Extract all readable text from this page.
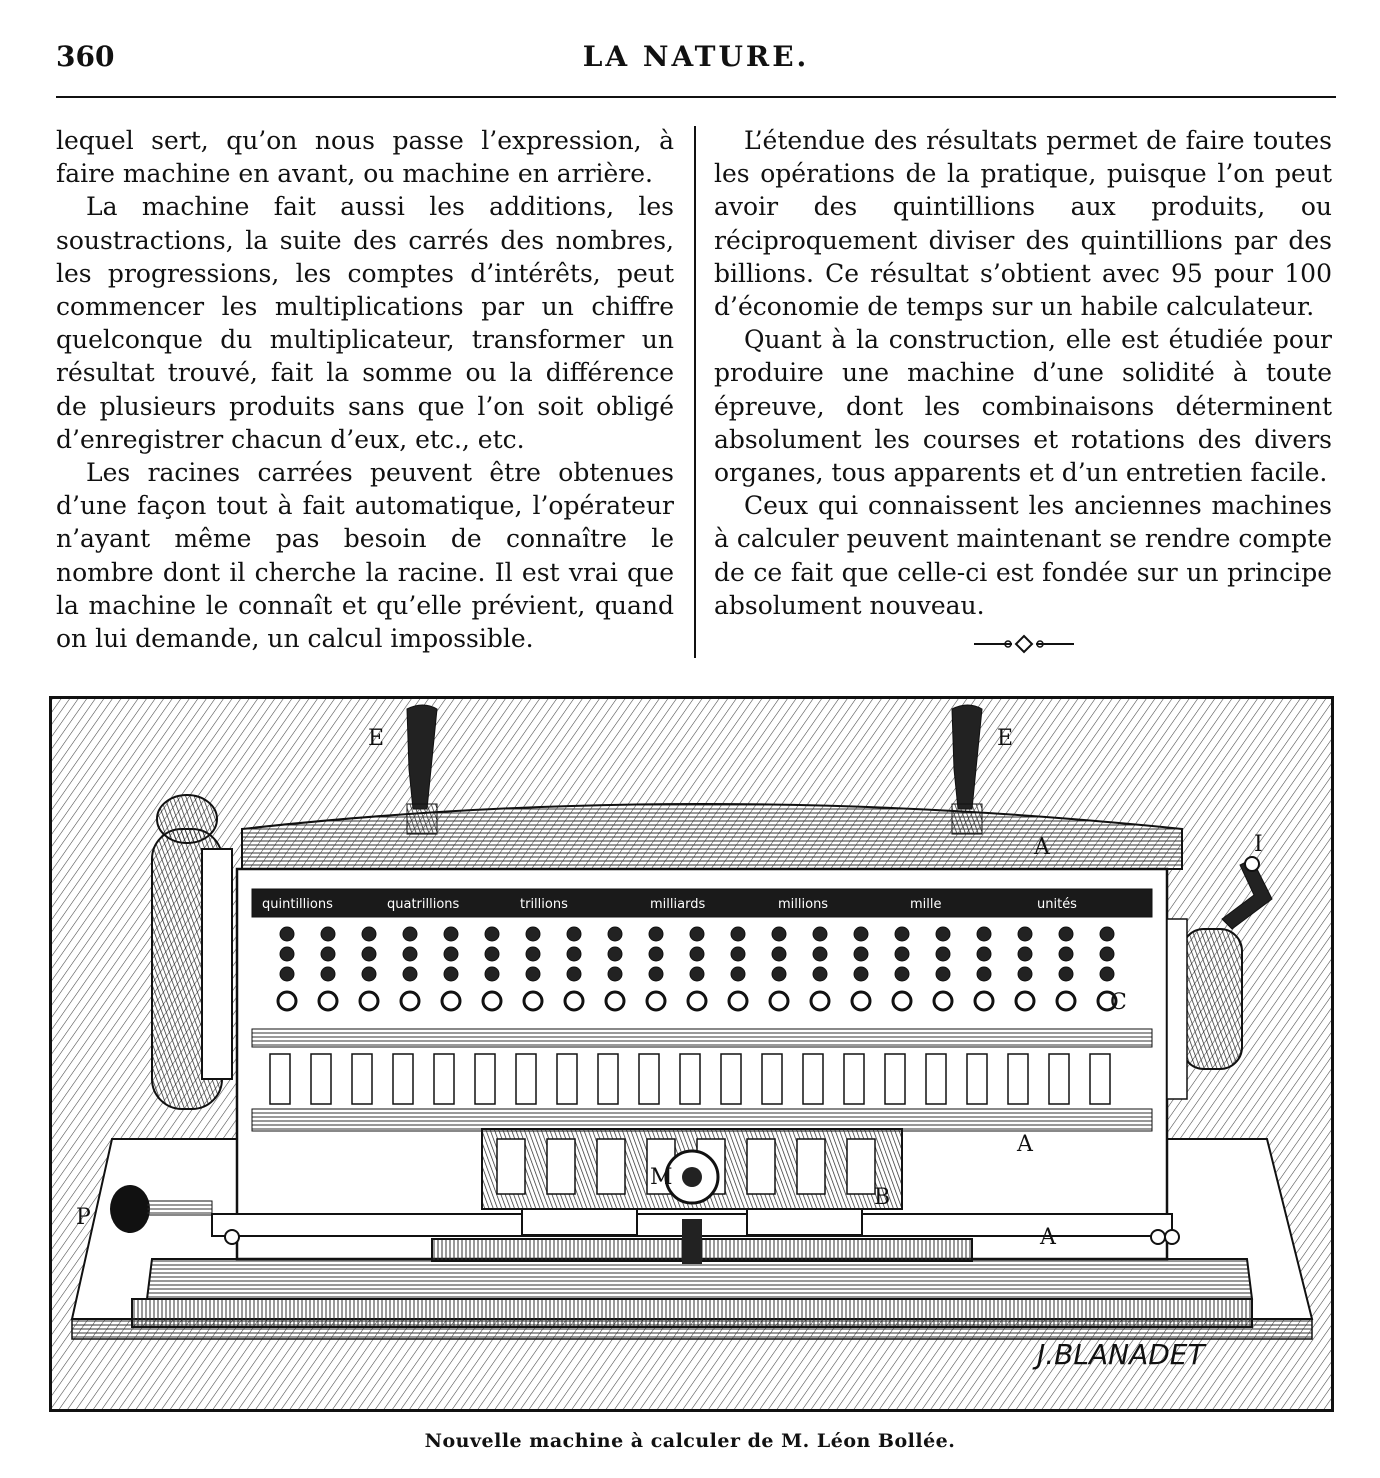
360	LA NATURE.

lequel sert, qu’on nous passe l’expression, à faire machine en avant, ou machine en arrière.

La machine fait aussi les additions, les soustractions, la suite des carrés des nombres, les progressions, les comptes d’intérêts, peut commencer les multiplications par un chiffre quelconque du multiplicateur, transformer un résultat trouvé, fait la somme ou la différence de plusieurs produits sans que l’on soit obligé d’enregistrer chacun d’eux, etc., etc.

Les racines carrées peuvent être obtenues d’une façon tout à fait automatique, l’opérateur n’ayant même pas besoin de connaître le nombre dont il cherche la racine. Il est vrai que la machine le connaît et qu’elle prévient, quand on lui demande, un calcul impossible.

L’étendue des résultats permet de faire toutes les opérations de la pratique, puisque l’on peut avoir des quintillions aux produits, ou réciproquement diviser des quintillions par des billions. Ce résultat s’obtient avec 95 pour 100 d’économie de temps sur un habile calculateur.

Quant à la construction, elle est étudiée pour produire une machine d’une solidité à toute épreuve, dont les combinaisons déterminent absolument les courses et rotations des divers organes, tous apparents et d’un entretien facile.

Ceux qui connaissent les anciennes machines à calculer peuvent maintenant se rendre compte de ce fait que celle-ci est fondée sur un principe absolument nouveau.

quintillions	quatrillions	trillions	milliards	millions	mille	unités
E	E
A	I
C
A
M
B
P
A
J.BLANADET
Nouvelle machine à calculer de M. Léon Bollée.
